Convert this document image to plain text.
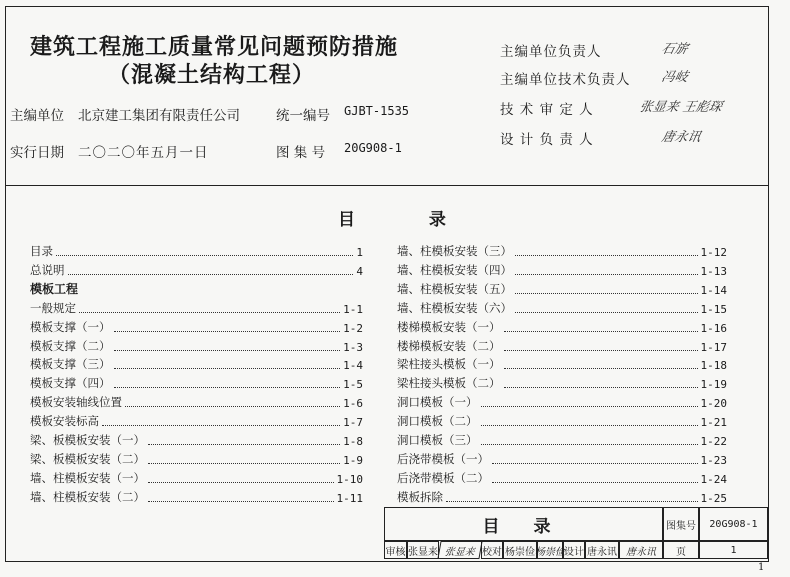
建筑工程施工质量常见问题预防措施
（混凝土结构工程）
主编单位 北京建工集团有限责任公司	统一编号 GJBT-1535
实行日期 二〇二〇年五月一日	图 集 号 20G908-1
主编单位负责人	石旂
主编单位技术负责人 冯岐
技 术 审 定 人	张显来 王彪琛
设 计 负 责 人	唐永讯
目 录
目录	1
总说明	4
模板工程
一般规定	1-1
模板支撑（一）	1-2
模板支撑（二）	1-3
模板支撑（三）	1-4
模板支撑（四）	1-5
模板安装轴线位置	1-6
模板安装标高	1-7
梁、板模板安装（一）	1-8
梁、板模板安装（二）	1-9
墙、柱模板安装（一）	1-10
墙、柱模板安装（二）	1-11
墙、柱模板安装（三）	1-12
墙、柱模板安装（四）	1-13
墙、柱模板安装（五）	1-14
墙、柱模板安装（六）	1-15
楼梯模板安装（一）	1-16
楼梯模板安装（二）	1-17
梁柱接头模板（一）	1-18
梁柱接头模板（二）	1-19
洞口模板（一）	1-20
洞口模板（二）	1-21
洞口模板（三）	1-22
后浇带模板（一）	1-23
后浇带模板（二）	1-24
模板拆除	1-25
目 录	图集号	20G908-1
审核 张显来 张显来 校对 杨崇俭 杨崇俭 设计 唐永讯 唐永讯	页	1
1
